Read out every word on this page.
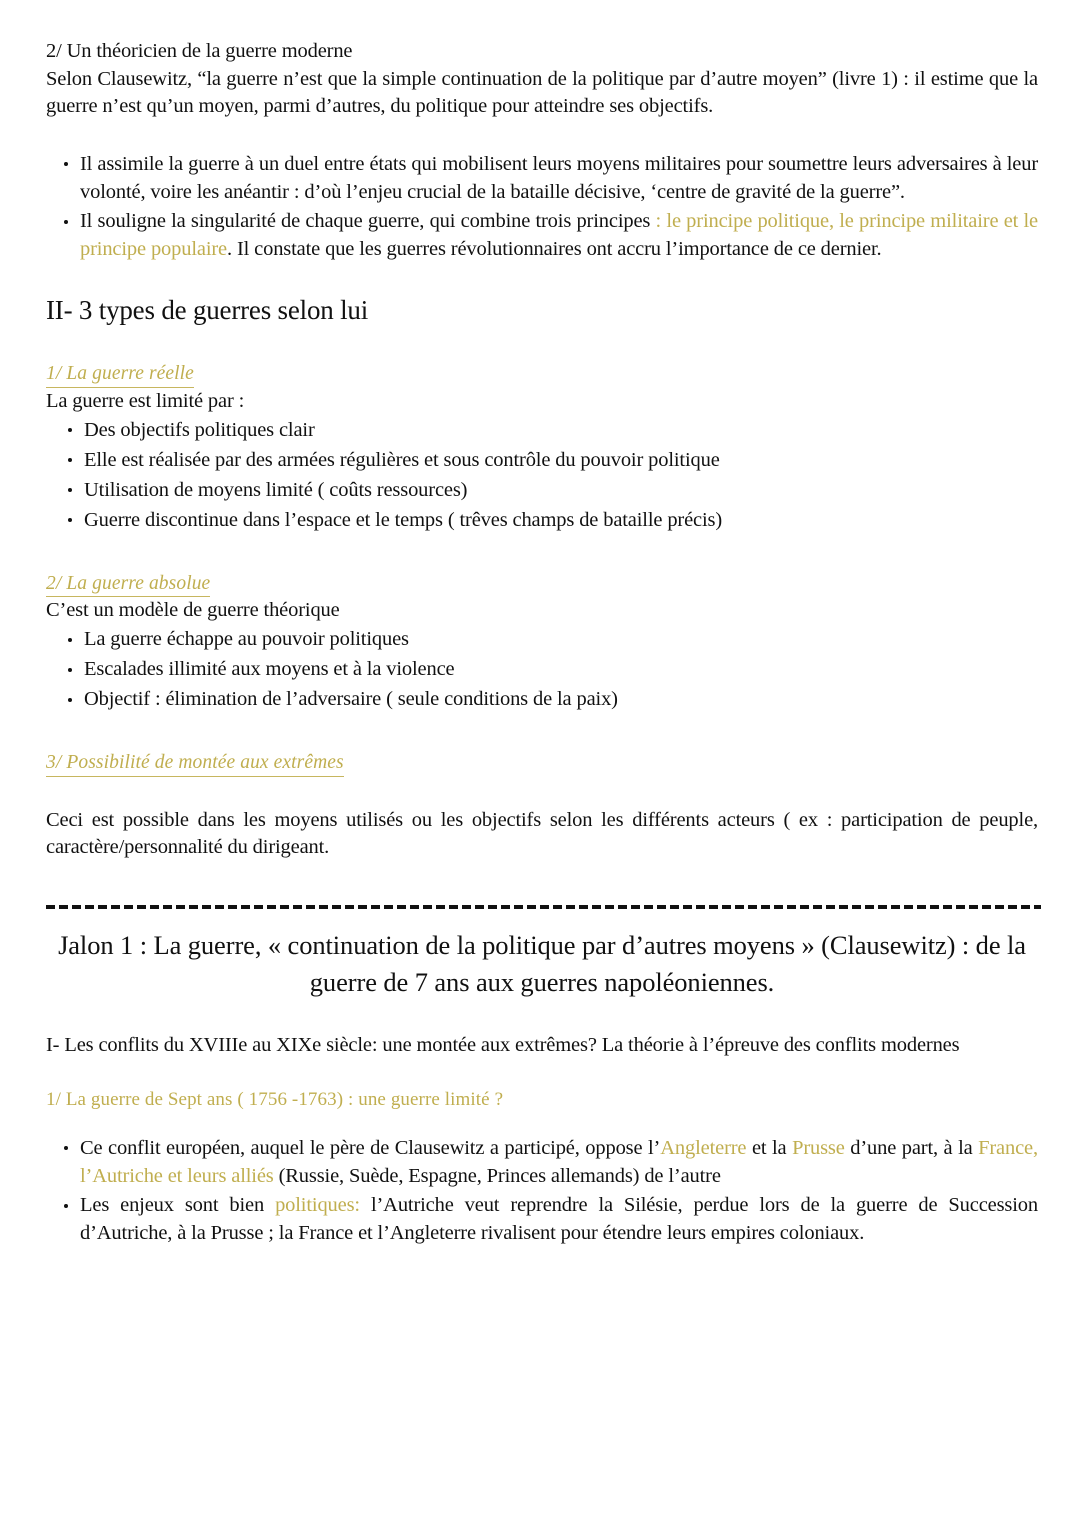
2/ Un théoricien de la guerre moderne

Selon Clausewitz, “la guerre n’est que la simple continuation de la politique par d’autre moyen” (livre 1) : il estime que la guerre n’est qu’un moyen, parmi d’autres, du politique pour atteindre ses objectifs.

Il assimile la guerre à un duel entre états qui mobilisent leurs moyens militaires pour soumettre leurs adversaires à leur volonté, voire les anéantir : d’où l’enjeu crucial de la bataille décisive, ‘centre de gravité de la guerre”.
Il souligne la singularité de chaque guerre, qui combine trois principes : le principe politique, le principe militaire et le principe populaire. Il constate que les guerres révolutionnaires ont accru l’importance de ce dernier.
II- 3 types de guerres selon lui
1/ La guerre réelle

La guerre est limité par :

Des objectifs politiques clair
Elle est réalisée par des armées régulières et sous contrôle du pouvoir politique
Utilisation de moyens limité ( coûts ressources)
Guerre discontinue dans l’espace et le temps ( trêves champs de bataille précis)
2/ La guerre absolue

C’est un modèle de guerre théorique

La guerre échappe au pouvoir politiques
Escalades illimité aux moyens et à la violence
Objectif : élimination de l’adversaire ( seule conditions de la paix)
3/ Possibilité de montée aux extrêmes

Ceci est possible dans les moyens utilisés ou les objectifs selon les différents acteurs ( ex : participation de peuple, caractère/personnalité du dirigeant.

Jalon 1 : La guerre, « continuation de la politique par d’autres moyens » (Clausewitz) : de la guerre de 7 ans aux guerres napoléoniennes.

I- Les conflits du XVIIIe au XIXe siècle: une montée aux extrêmes? La théorie à l’épreuve des conflits modernes

1/ La guerre de Sept ans ( 1756 -1763) : une guerre limité ?
Ce conflit européen, auquel le père de Clausewitz a participé, oppose l’Angleterre et la Prusse d’une part, à la France, l’Autriche et leurs alliés (Russie, Suède, Espagne, Princes allemands) de l’autre
Les enjeux sont bien politiques: l’Autriche veut reprendre la Silésie, perdue lors de la guerre de Succession d’Autriche, à la Prusse ; la France et l’Angleterre rivalisent pour étendre leurs empires coloniaux.
